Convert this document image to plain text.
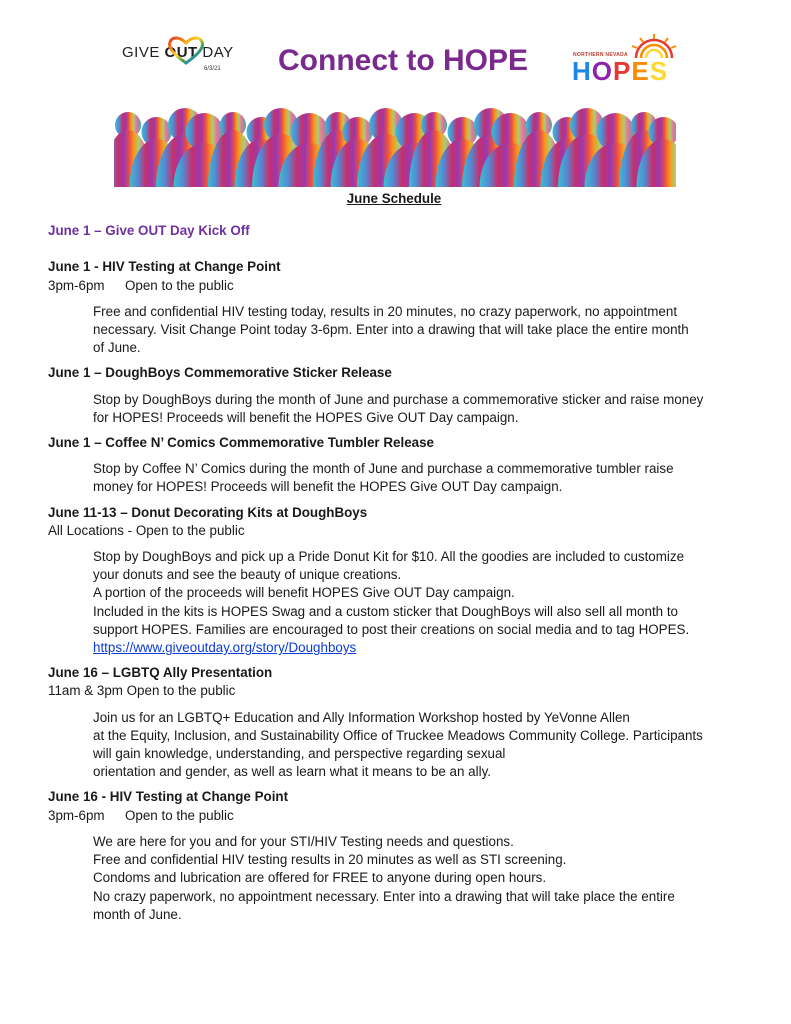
GIVE OUT DAY
6/3/21 Connect to HOPE	NORTHERN NEVADA
HOPES
June Schedule
June 1 – Give OUT Day Kick Off
June 1 - HIV Testing at Change Point
3pm-6pm Open to the public

Free and confidential HIV testing today, results in 20 minutes, no crazy paperwork, no appointment

necessary. Visit Change Point today 3-6pm. Enter into a drawing that will take place the entire month

of June.

June 1 – DoughBoys Commemorative Sticker Release

Stop by DoughBoys during the month of June and purchase a commemorative sticker and raise money

for HOPES! Proceeds will benefit the HOPES Give OUT Day campaign.

June 1 – Coffee N’ Comics Commemorative Tumbler Release

Stop by Coffee N’ Comics during the month of June and purchase a commemorative tumbler raise

money for HOPES! Proceeds will benefit the HOPES Give OUT Day campaign.

June 11-13 – Donut Decorating Kits at DoughBoys
All Locations - Open to the public

Stop by DoughBoys and pick up a Pride Donut Kit for $10. All the goodies are included to customize

your donuts and see the beauty of unique creations.

A portion of the proceeds will benefit HOPES Give OUT Day campaign.

Included in the kits is HOPES Swag and a custom sticker that DoughBoys will also sell all month to

support HOPES. Families are encouraged to post their creations on social media and to tag HOPES.

https://www.giveoutday.org/story/Doughboys
June 16 – LGBTQ Ally Presentation
11am & 3pm Open to the public

Join us for an LGBTQ+ Education and Ally Information Workshop hosted by YeVonne Allen

at the Equity, Inclusion, and Sustainability Office of Truckee Meadows Community College. Participants

will gain knowledge, understanding, and perspective regarding sexual

orientation and gender, as well as learn what it means to be an ally.

June 16 - HIV Testing at Change Point
3pm-6pm Open to the public

We are here for you and for your STI/HIV Testing needs and questions.

Free and confidential HIV testing results in 20 minutes as well as STI screening.

Condoms and lubrication are offered for FREE to anyone during open hours.

No crazy paperwork, no appointment necessary. Enter into a drawing that will take place the entire

month of June.
